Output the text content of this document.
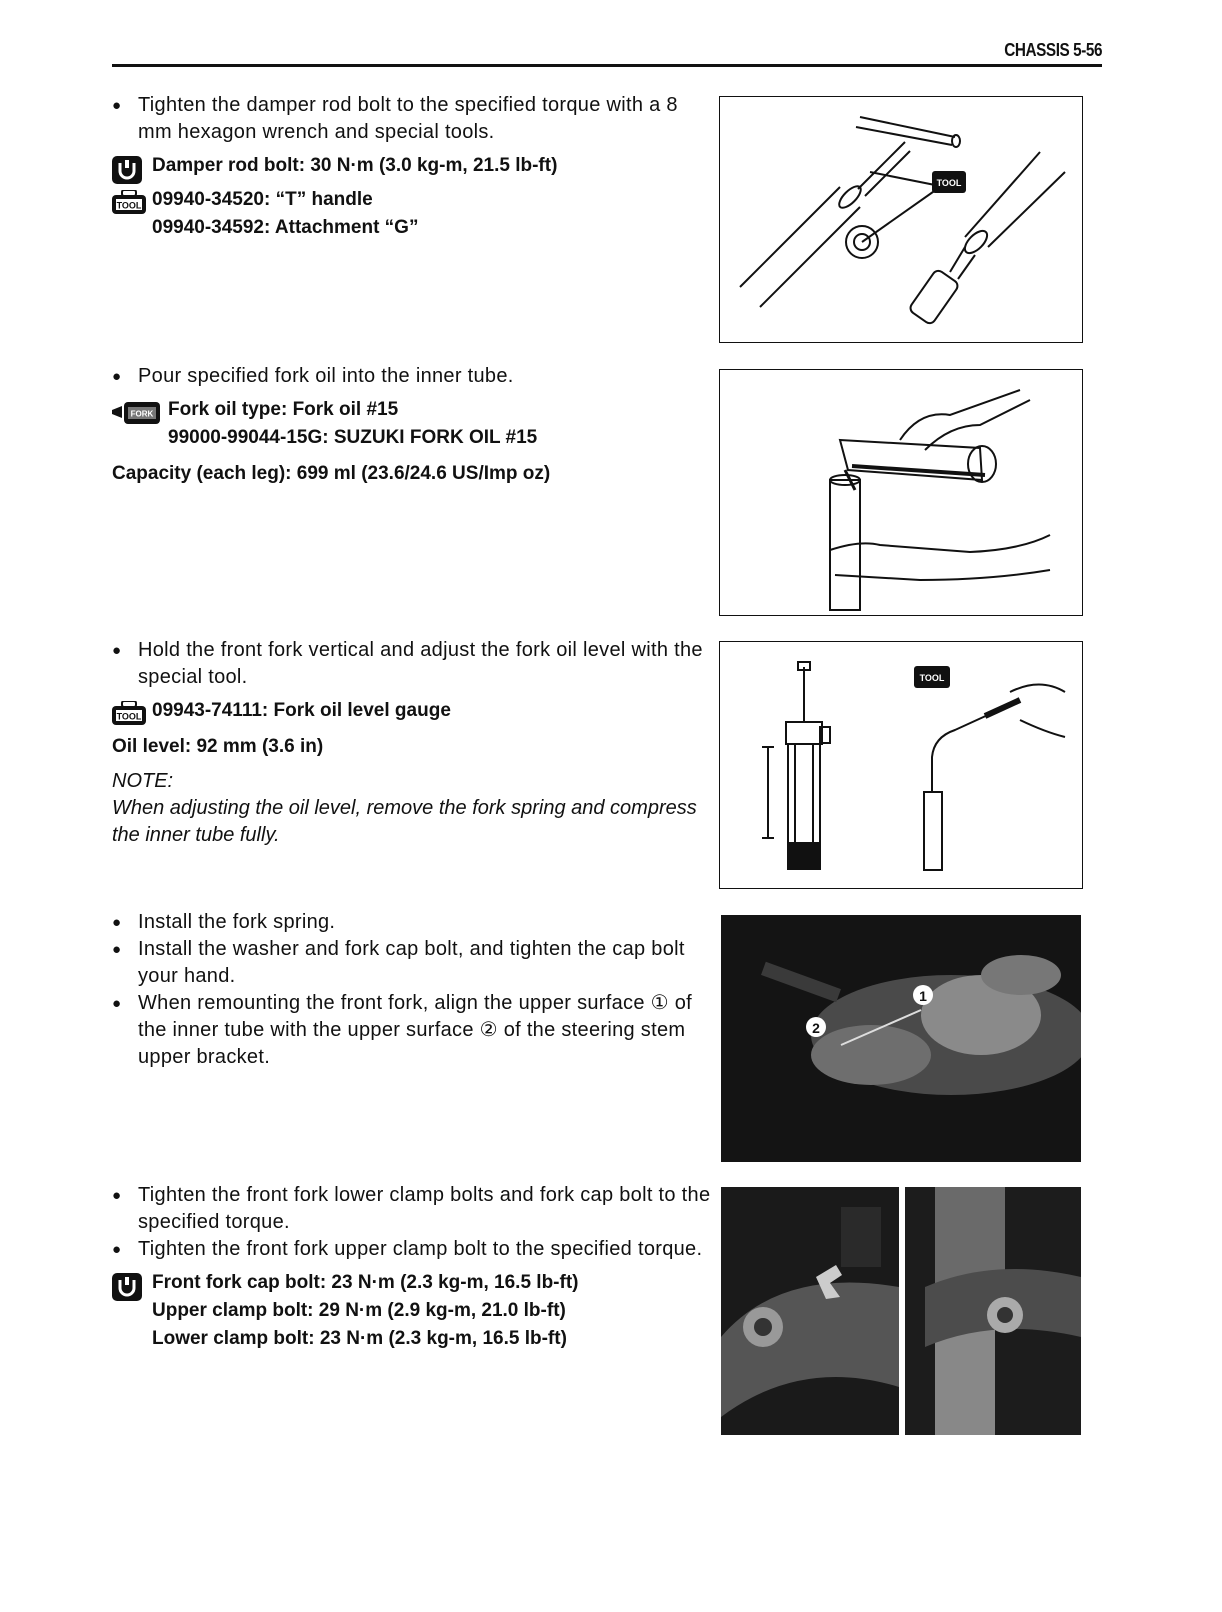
CHASSIS 5-56
● Tighten the damper rod bolt to the specified torque with a 8 mm hexagon wrench and special tools.
Damper rod bolt: 30 N·m (3.0 kg-m, 21.5 lb-ft)
TOOL 09940-34520: “T” handle
09940-34592: Attachment “G”
TOOL
● Pour specified fork oil into the inner tube.
FORK Fork oil type: Fork oil #15
99000-99044-15G: SUZUKI FORK OIL #15
Capacity (each leg): 699 ml (23.6/24.6 US/Imp oz)
● Hold the front fork vertical and adjust the fork oil level with the special tool.
TOOL 09943-74111: Fork oil level gauge
Oil level: 92 mm (3.6 in)
NOTE:
When adjusting the oil level, remove the fork spring and compress the inner tube fully.
TOOL
● Install the fork spring.
● Install the washer and fork cap bolt, and tighten the cap bolt your hand.
● When remounting the front fork, align the upper surface ① of the inner tube with the upper surface ② of the steering stem upper bracket.
1
2
● Tighten the front fork lower clamp bolts and fork cap bolt to the specified torque.
● Tighten the front fork upper clamp bolt to the specified torque.
Front fork cap bolt: 23 N·m (2.3 kg-m, 16.5 lb-ft)
Upper clamp bolt: 29 N·m (2.9 kg-m, 21.0 lb-ft)
Lower clamp bolt: 23 N·m (2.3 kg-m, 16.5 lb-ft)
